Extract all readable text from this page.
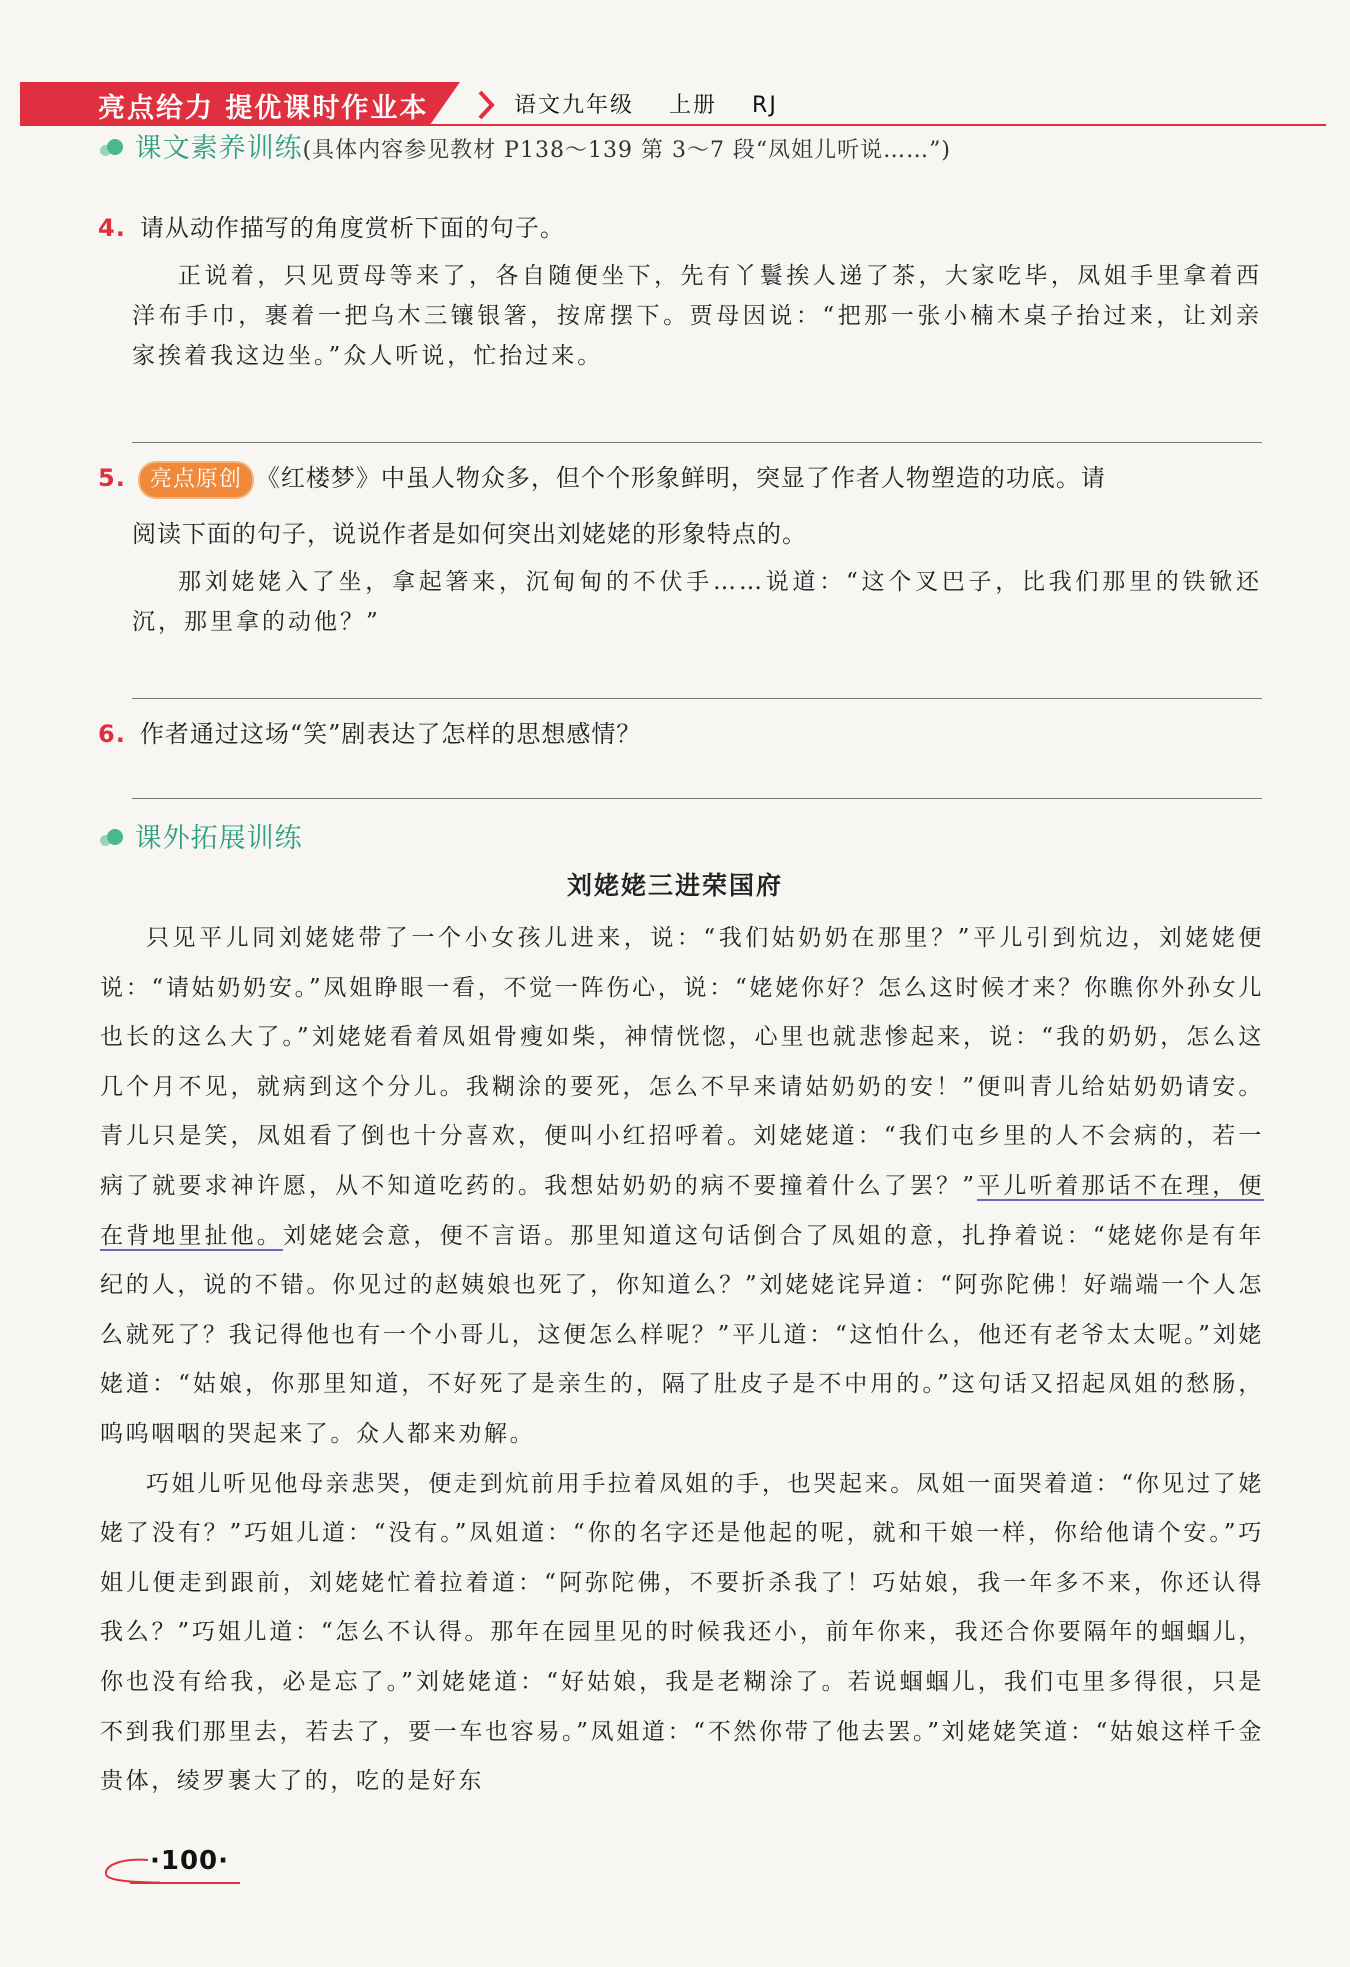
亮点给力 提优课时作业本	语文九年级 上册 RJ
课文素养训练(具体内容参见教材 P138～139 第 3～7 段“凤姐儿听说……”)
4. 请从动作描写的角度赏析下面的句子。
正说着，只见贾母等来了，各自随便坐下，先有丫鬟挨人递了茶，大家吃毕，凤姐手里拿着西洋布手巾，裹着一把乌木三镶银箸，按席摆下。贾母因说：“把那一张小楠木桌子抬过来，让刘亲家挨着我这边坐。”众人听说，忙抬过来。
5. 亮点原创 《红楼梦》中虽人物众多，但个个形象鲜明，突显了作者人物塑造的功底。请
阅读下面的句子，说说作者是如何突出刘姥姥的形象特点的。
那刘姥姥入了坐，拿起箸来，沉甸甸的不伏手……说道：“这个叉巴子，比我们那里的铁锨还沉，那里拿的动他？”
6. 作者通过这场“笑”剧表达了怎样的思想感情？
课外拓展训练
刘姥姥三进荣国府

只见平儿同刘姥姥带了一个小女孩儿进来，说：“我们姑奶奶在那里？”平儿引到炕边，刘姥姥便说：“请姑奶奶安。”凤姐睁眼一看，不觉一阵伤心，说：“姥姥你好？怎么这时候才来？你瞧你外孙女儿也长的这么大了。”刘姥姥看着凤姐骨瘦如柴，神情恍惚，心里也就悲惨起来，说：“我的奶奶，怎么这几个月不见，就病到这个分儿。我糊涂的要死，怎么不早来请姑奶奶的安！”便叫青儿给姑奶奶请安。青儿只是笑，凤姐看了倒也十分喜欢，便叫小红招呼着。刘姥姥道：“我们屯乡里的人不会病的，若一病了就要求神许愿，从不知道吃药的。我想姑奶奶的病不要撞着什么了罢？”平儿听着那话不在理，便在背地里扯他。刘姥姥会意，便不言语。那里知道这句话倒合了凤姐的意，扎挣着说：“姥姥你是有年纪的人，说的不错。你见过的赵姨娘也死了，你知道么？”刘姥姥诧异道：“阿弥陀佛！好端端一个人怎么就死了？我记得他也有一个小哥儿，这便怎么样呢？”平儿道：“这怕什么，他还有老爷太太呢。”刘姥姥道：“姑娘，你那里知道，不好死了是亲生的，隔了肚皮子是不中用的。”这句话又招起凤姐的愁肠，呜呜咽咽的哭起来了。众人都来劝解。

巧姐儿听见他母亲悲哭，便走到炕前用手拉着凤姐的手，也哭起来。凤姐一面哭着道：“你见过了姥姥了没有？”巧姐儿道：“没有。”凤姐道：“你的名字还是他起的呢，就和干娘一样，你给他请个安。”巧姐儿便走到跟前，刘姥姥忙着拉着道：“阿弥陀佛，不要折杀我了！巧姑娘，我一年多不来，你还认得我么？”巧姐儿道：“怎么不认得。那年在园里见的时候我还小，前年你来，我还合你要隔年的蝈蝈儿，你也没有给我，必是忘了。”刘姥姥道：“好姑娘，我是老糊涂了。若说蝈蝈儿，我们屯里多得很，只是不到我们那里去，若去了，要一车也容易。”凤姐道：“不然你带了他去罢。”刘姥姥笑道：“姑娘这样千金贵体，绫罗裹大了的，吃的是好东

·100·
